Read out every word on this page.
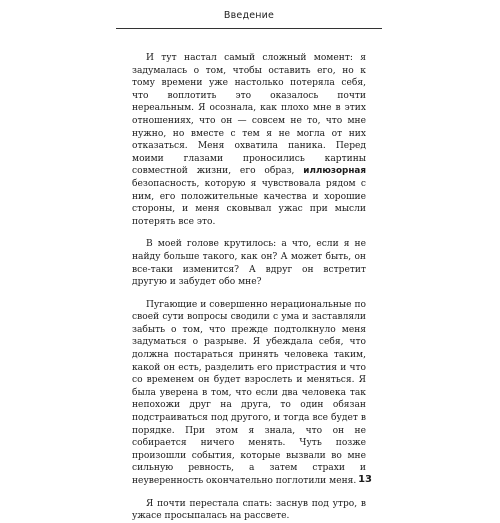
Введение

И тут настал самый сложный момент: я задумалась о том, чтобы оставить его, но к тому времени уже настолько потеряла себя, что воплотить это оказалось почти нереальным. Я осознала, как плохо мне в этих отношениях, что он — совсем не то, что мне нужно, но вместе с тем я не могла от них отказаться. Меня охватила паника. Перед моими глазами проносились картины совместной жизни, его образ, иллюзорная безопасность, которую я чувствовала рядом с ним, его положительные качества и хорошие стороны, и меня сковывал ужас при мысли потерять все это.

В моей голове крутилось: а что, если я не найду больше такого, как он? А может быть, он все-таки изменится? А вдруг он встретит другую и забудет обо мне?

Пугающие и совершенно нерациональные по своей сути вопросы сводили с ума и заставляли забыть о том, что прежде подтолкнуло меня задуматься о разрыве. Я убеждала себя, что должна постараться принять человека таким, какой он есть, разделить его пристрастия и что со временем он будет взрослеть и меняться. Я была уверена в том, что если два человека так непохожи друг на друга, то один обязан подстраиваться под другого, и тогда все будет в порядке. При этом я знала, что он не собирается ничего менять. Чуть позже произошли события, которые вызвали во мне сильную ревность, а затем страхи и неуверенность окончательно поглотили меня.

Я почти перестала спать: заснув под утро, в ужасе просыпалась на рассвете.

13
